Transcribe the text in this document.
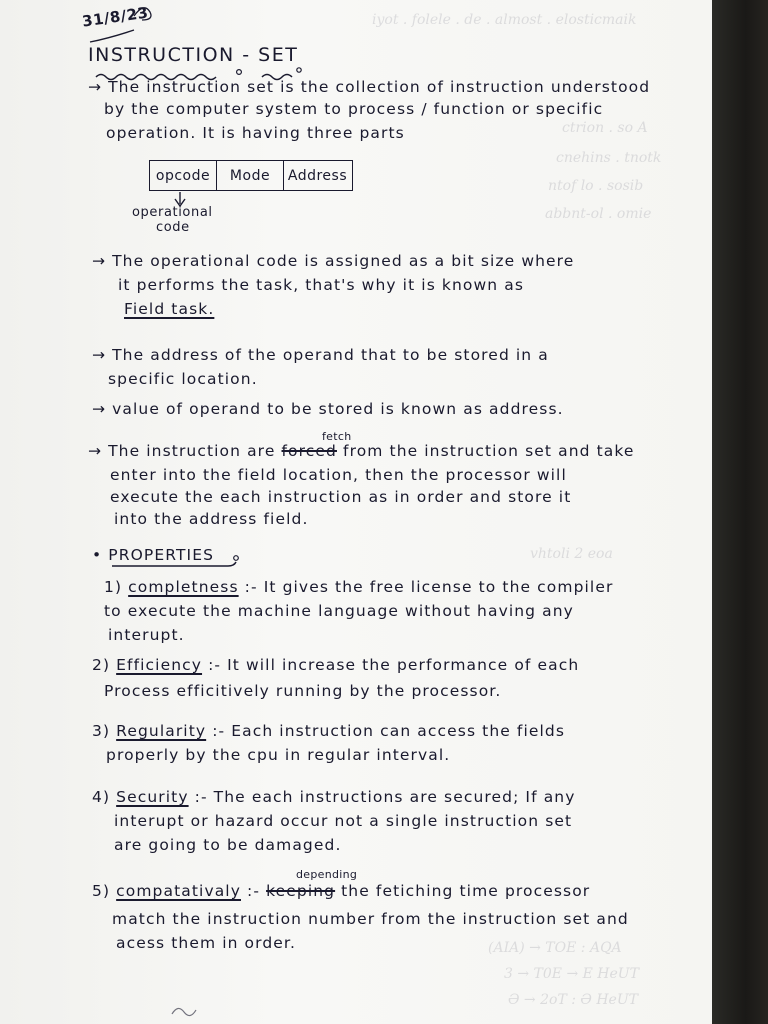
iyot . folele . de . almost . elosticmaik
ctrion . so A
cnehins . tnotk
ntof lo . sosib
abbnt-ol . omie
vhtoli 2 eoa
(AIA) → TOE : AQA
3 → T0E → E HeUT
Ə → 2oT : Ə HeUT
31/8/23
INSTRUCTION - SET
→ The instruction set is the collection of instruction understood
by the computer system to process / function or specific
operation. It is having three parts
opcode	Mode	Address
operational
code
→ The operational code is assigned as a bit size where
it performs the task, that's why it is known as
Field task.
→ The address of the operand that to be stored in a
specific location.
→ value of operand to be stored is known as address.
fetch
→ The instruction are forced from the instruction set and take
enter into the field location, then the processor will
execute the each instruction as in order and store it
into the address field.
• PROPERTIES
1) completness :- It gives the free license to the compiler
to execute the machine language without having any
interupt.
2) Efficiency :- It will increase the performance of each
Process efficitively running by the processor.
3) Regularity :- Each instruction can access the fields
properly by the cpu in regular interval.
4) Security :- The each instructions are secured; If any
interupt or hazard occur not a single instruction set
are going to be damaged.
depending
5) compatativaly :- keeping the fetiching time processor
match the instruction number from the instruction set and
acess them in order.
